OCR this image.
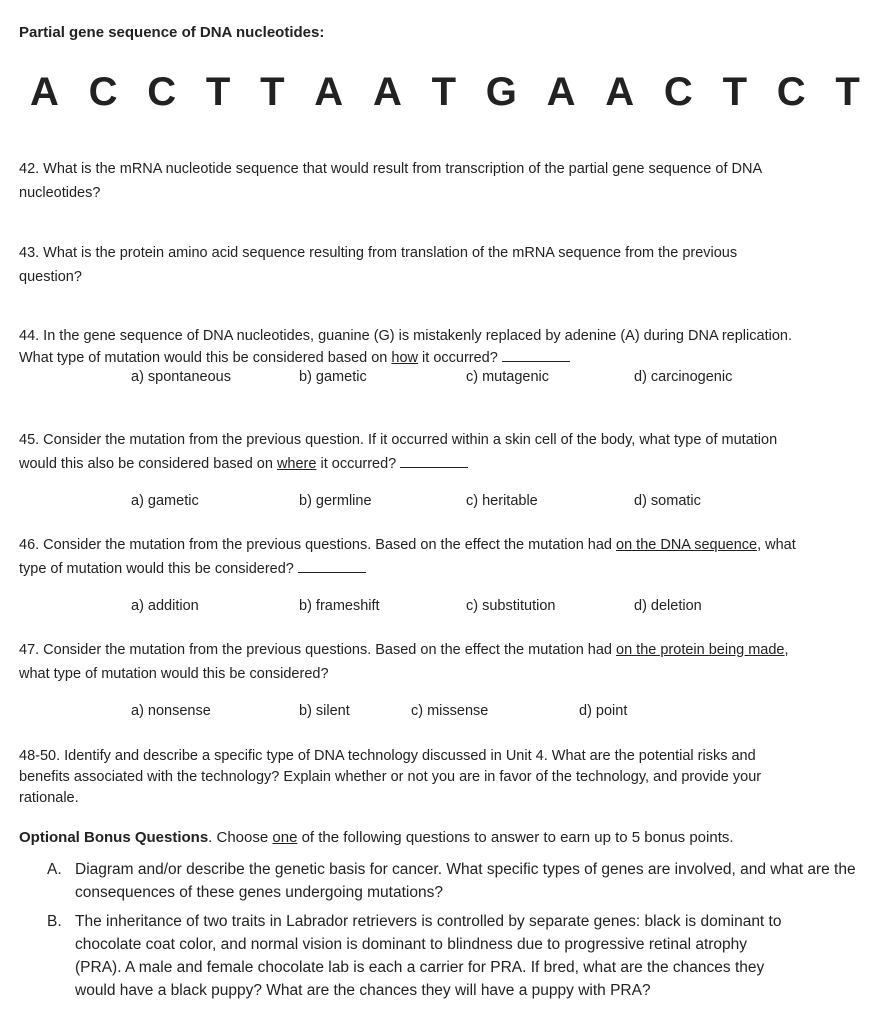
Partial gene sequence of DNA nucleotides:
A C C T T A A T G A A C T C T
42. What is the mRNA nucleotide sequence that would result from transcription of the partial gene sequence of DNA
nucleotides?
43. What is the protein amino acid sequence resulting from translation of the mRNA sequence from the previous
question?
44. In the gene sequence of DNA nucleotides, guanine (G) is mistakenly replaced by adenine (A) during DNA replication.
What type of mutation would this be considered based on how it occurred?
a) spontaneous	b) gametic	c) mutagenic	d) carcinogenic
45. Consider the mutation from the previous question. If it occurred within a skin cell of the body, what type of mutation
would this also be considered based on where it occurred?
a) gametic	b) germline	c) heritable	d) somatic
46. Consider the mutation from the previous questions. Based on the effect the mutation had on the DNA sequence, what
type of mutation would this be considered?
a) addition	b) frameshift	c) substitution	d) deletion
47. Consider the mutation from the previous questions. Based on the effect the mutation had on the protein being made,
what type of mutation would this be considered?
a) nonsense	b) silent	c) missense	d) point
48-50. Identify and describe a specific type of DNA technology discussed in Unit 4. What are the potential risks and
benefits associated with the technology? Explain whether or not you are in favor of the technology, and provide your
rationale.
Optional Bonus Questions. Choose one of the following questions to answer to earn up to 5 bonus points.
A. Diagram and/or describe the genetic basis for cancer. What specific types of genes are involved, and what are the
consequences of these genes undergoing mutations?
B. The inheritance of two traits in Labrador retrievers is controlled by separate genes: black is dominant to
chocolate coat color, and normal vision is dominant to blindness due to progressive retinal atrophy
(PRA). A male and female chocolate lab is each a carrier for PRA. If bred, what are the chances they
would have a black puppy? What are the chances they will have a puppy with PRA?
